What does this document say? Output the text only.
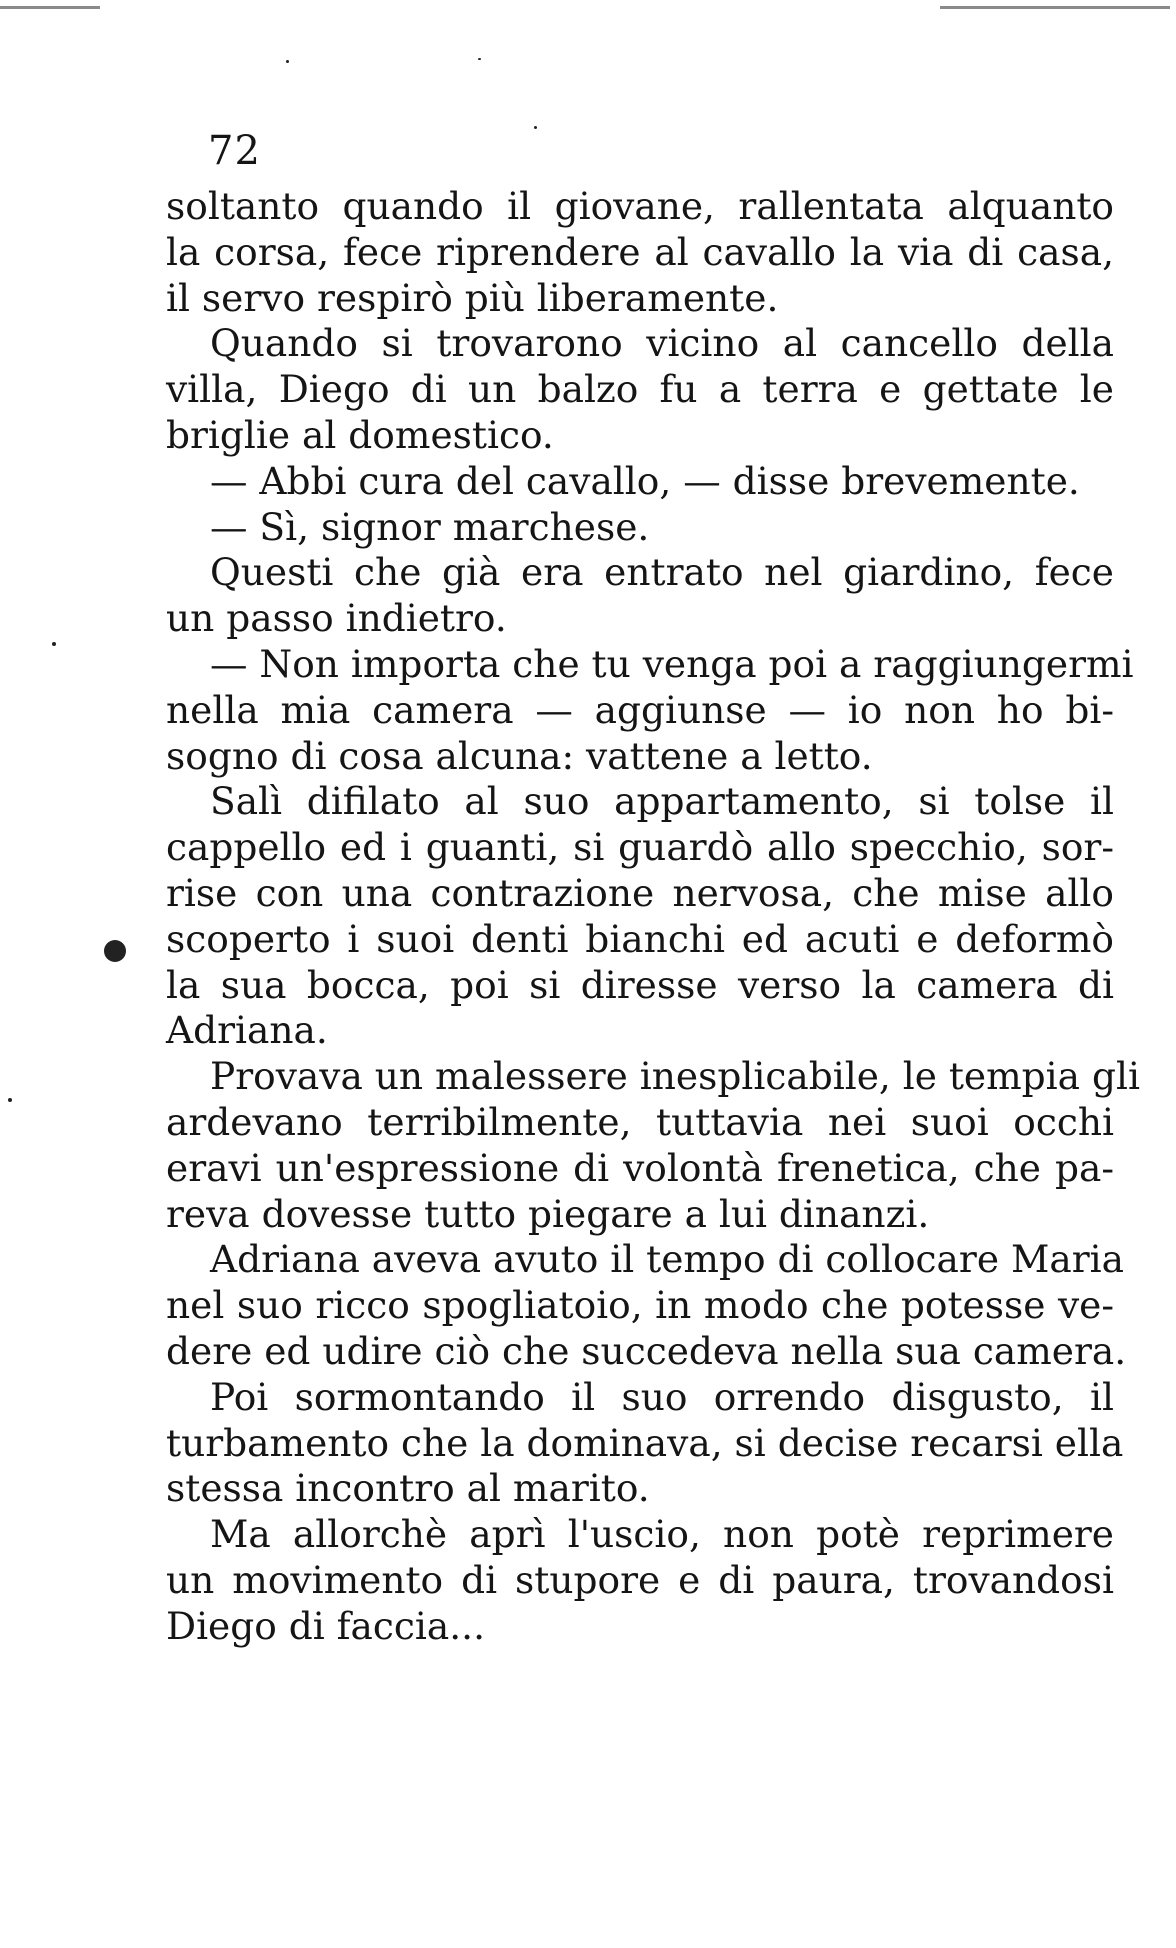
72
soltanto quando il giovane, rallentata alquanto
la corsa, fece riprendere al cavallo la via di casa,
il servo respirò più liberamente.
Quando si trovarono vicino al cancello della
villa, Diego di un balzo fu a terra e gettate le
briglie al domestico.
— Abbi cura del cavallo, — disse brevemente.
— Sì, signor marchese.
Questi che già era entrato nel giardino, fece
un passo indietro.
— Non importa che tu venga poi a raggiungermi
nella mia camera — aggiunse — io non ho bi-
sogno di cosa alcuna: vattene a letto.
Salì difilato al suo appartamento, si tolse il
cappello ed i guanti, si guardò allo specchio, sor-
rise con una contrazione nervosa, che mise allo
scoperto i suoi denti bianchi ed acuti e deformò
la sua bocca, poi si diresse verso la camera di
Adriana.
Provava un malessere inesplicabile, le tempia gli
ardevano terribilmente, tuttavia nei suoi occhi
eravi un'espressione di volontà frenetica, che pa-
reva dovesse tutto piegare a lui dinanzi.
Adriana aveva avuto il tempo di collocare Maria
nel suo ricco spogliatoio, in modo che potesse ve-
dere ed udire ciò che succedeva nella sua camera.
Poi sormontando il suo orrendo disgusto, il
turbamento che la dominava, si decise recarsi ella
stessa incontro al marito.
Ma allorchè aprì l'uscio, non potè reprimere
un movimento di stupore e di paura, trovandosi
Diego di faccia...
